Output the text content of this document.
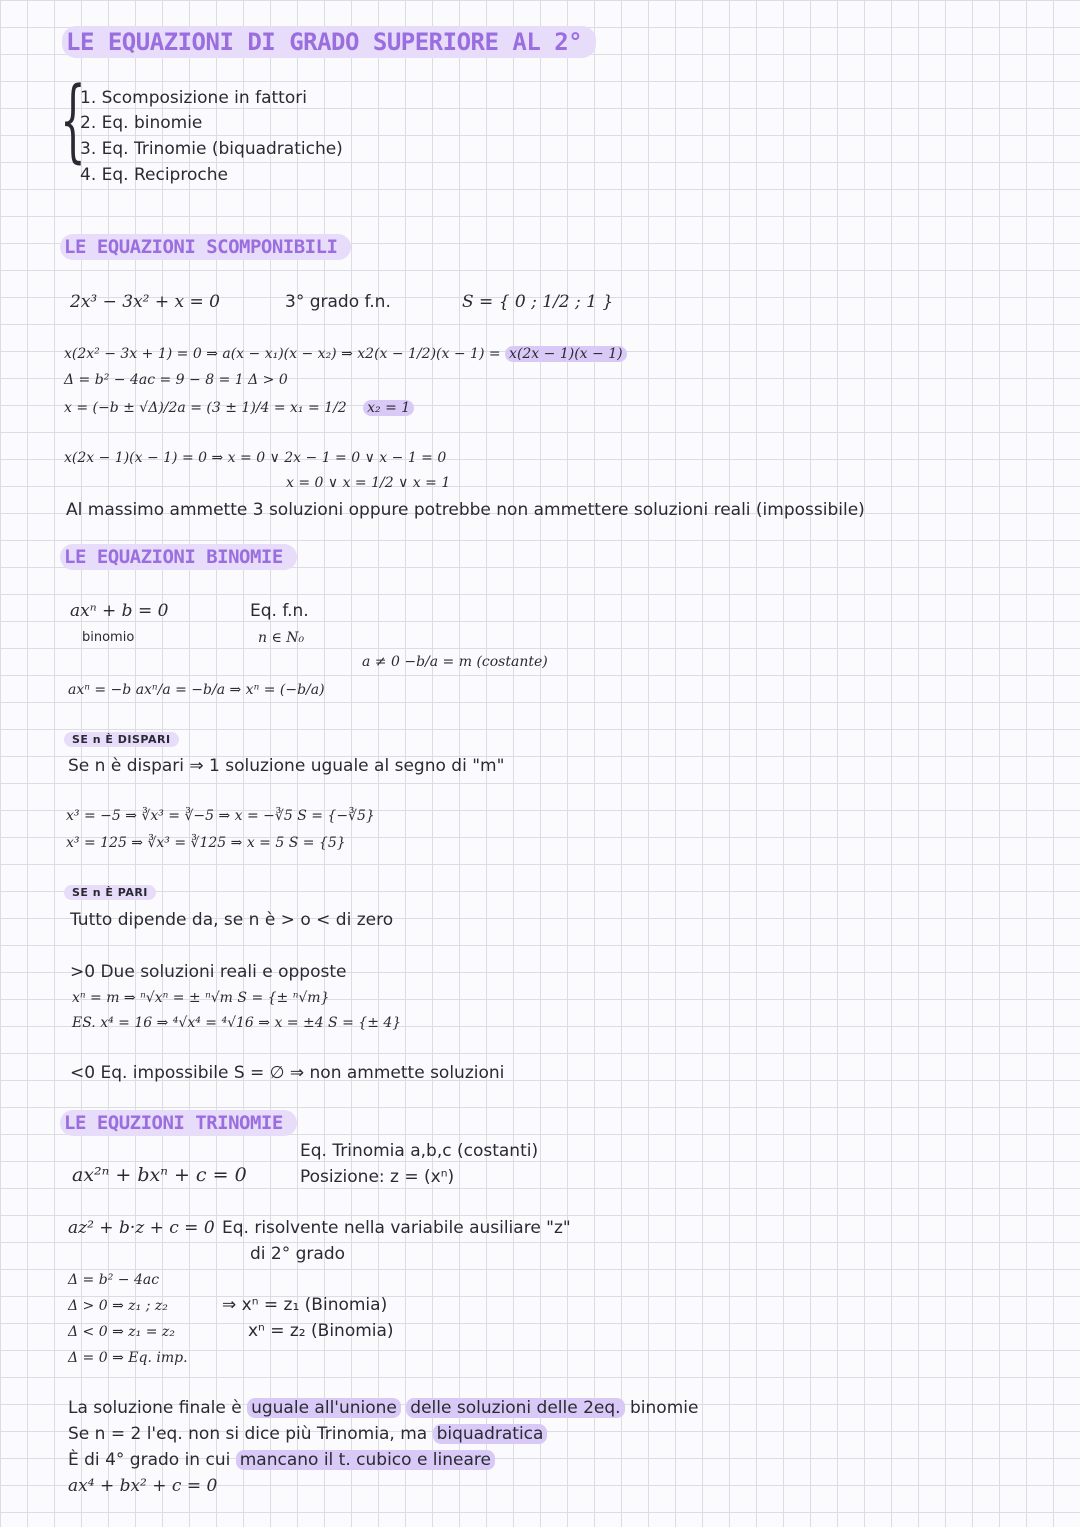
LE EQUAZIONI DI GRADO SUPERIORE AL 2°
{
1. Scomposizione in fattori
2. Eq. binomie
3. Eq. Trinomie (biquadratiche)
4. Eq. Reciproche
LE EQUAZIONI SCOMPONIBILI
2x³ − 3x² + x = 0	3° grado f.n.	S = { 0 ; 1/2 ; 1 }
x(2x² − 3x + 1) = 0 ⇒ a(x − x₁)(x − x₂) ⇒ x2(x − 1/2)(x − 1) = x(2x − 1)(x − 1)
Δ = b² − 4ac = 9 − 8 = 1 Δ > 0
x = (−b ± √Δ)/2a = (3 ± 1)/4 = x₁ = 1/2 x₂ = 1
x(2x − 1)(x − 1) = 0 ⇒ x = 0 ∨ 2x − 1 = 0 ∨ x − 1 = 0
x = 0 ∨ x = 1/2 ∨ x = 1
Al massimo ammette 3 soluzioni oppure potrebbe non ammettere soluzioni reali (impossibile)
LE EQUAZIONI BINOMIE
axⁿ + b = 0
binomio
Eq. f.n.
n ∈ N₀
a ≠ 0 −b/a = m (costante)
axⁿ = −b axⁿ/a = −b/a ⇒ xⁿ = (−b/a)
SE n È DISPARI
Se n è dispari ⇒ 1 soluzione uguale al segno di "m"
x³ = −5 ⇒ ∛x³ = ∛−5 ⇒ x = −∛5 S = {−∛5}
x³ = 125 ⇒ ∛x³ = ∛125 ⇒ x = 5 S = {5}
SE n È PARI
Tutto dipende da, se n è > o < di zero
>0 Due soluzioni reali e opposte
xⁿ = m ⇒ ⁿ√xⁿ = ± ⁿ√m S = {± ⁿ√m}
ES. x⁴ = 16 ⇒ ⁴√x⁴ = ⁴√16 ⇒ x = ±4 S = {± 4}
<0 Eq. impossibile S = ∅ ⇒ non ammette soluzioni
LE EQUZIONI TRINOMIE
ax²ⁿ + bxⁿ + c = 0
Eq. Trinomia a,b,c (costanti)
Posizione: z = (xⁿ)
az² + b·z + c = 0 Eq. risolvente nella variabile ausiliare "z"
di 2° grado
Δ = b² − 4ac
Δ > 0 ⇒ z₁ ; z₂
Δ < 0 ⇒ z₁ = z₂
Δ = 0 ⇒ Eq. imp.
⇒ xⁿ = z₁ (Binomia)
xⁿ = z₂ (Binomia)
La soluzione finale è uguale all'unione delle soluzioni delle 2eq. binomie
Se n = 2 l'eq. non si dice più Trinomia, ma biquadratica
È di 4° grado in cui mancano il t. cubico e lineare
ax⁴ + bx² + c = 0
